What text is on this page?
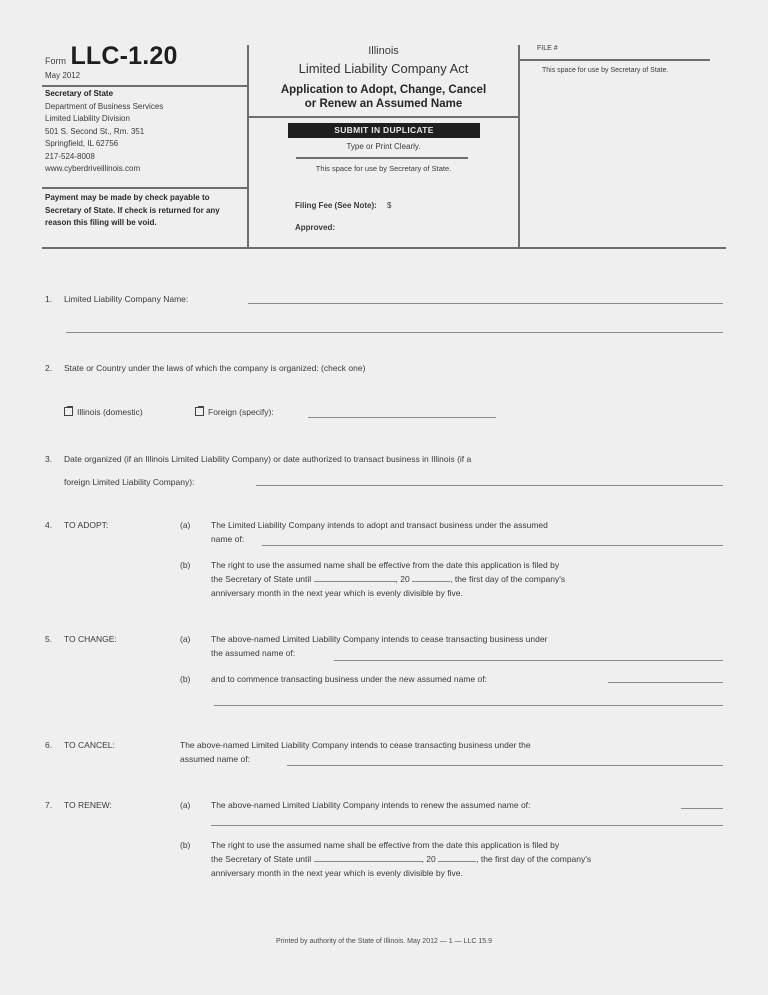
Form LLC-1.20
May 2012
Secretary of State
Department of Business Services
Limited Liability Division
501 S. Second St., Rm. 351
Springfield, IL 62756
217-524-8008
www.cyberdriveillinois.com
Payment may be made by check payable to Secretary of State. If check is returned for any reason this filing will be void.
Illinois
Limited Liability Company Act
Application to Adopt, Change, Cancel
or Renew an Assumed Name
SUBMIT IN DUPLICATE
Type or Print Clearly.
This space for use by Secretary of State.
Filing Fee (See Note): $
Approved:
FILE #
This space for use by Secretary of State.
1. Limited Liability Company Name:
2. State or Country under the laws of which the company is organized: (check one)
Illinois (domestic)	Foreign (specify):
3. Date organized (if an Illinois Limited Liability Company) or date authorized to transact business in Illinois (if a
foreign Limited Liability Company):
4. TO ADOPT:	(a) The Limited Liability Company intends to adopt and transact business under the assumed
name of:
(b) The right to use the assumed name shall be effective from the date this application is filed by
the Secretary of State until	, 20	, the first day of the company's
anniversary month in the next year which is evenly divisible by five.
5. TO CHANGE:	(a) The above-named Limited Liability Company intends to cease transacting business under
the assumed name of:
(b) and to commence transacting business under the new assumed name of:
6. TO CANCEL:	The above-named Limited Liability Company intends to cease transacting business under the
assumed name of:
7. TO RENEW:	(a) The above-named Limited Liability Company intends to renew the assumed name of:
(b) The right to use the assumed name shall be effective from the date this application is filed by
the Secretary of State until	, 20	, the first day of the company's
anniversary month in the next year which is evenly divisible by five.
Printed by authority of the State of Illinois. May 2012 — 1 — LLC 15.9
